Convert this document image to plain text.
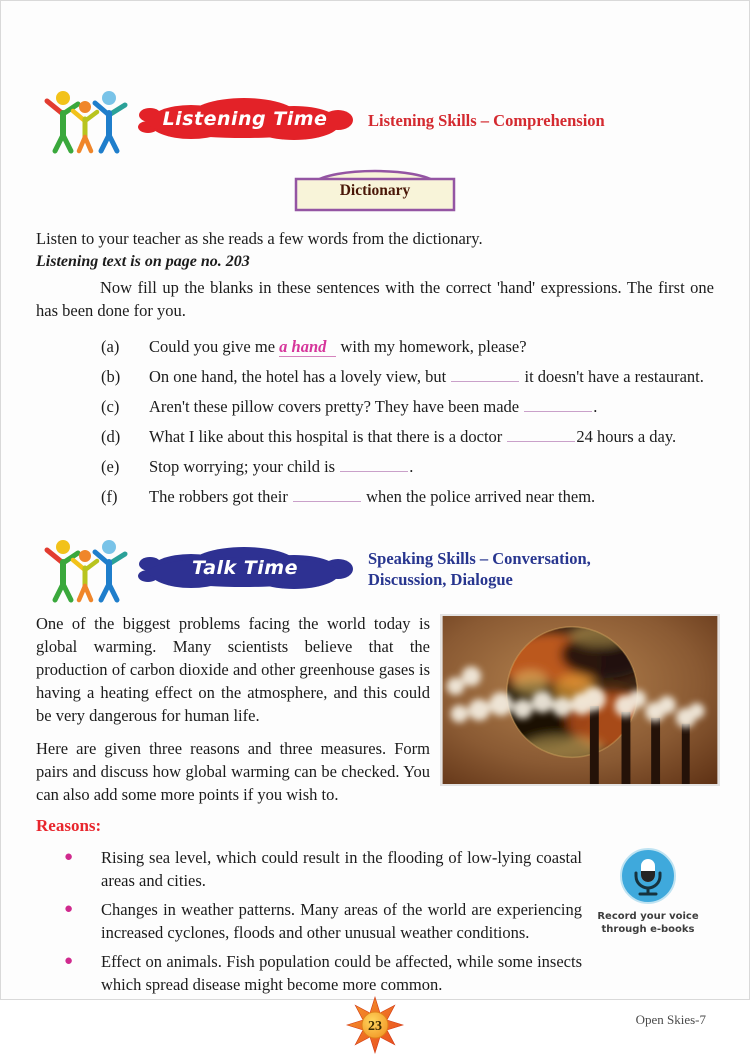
Listening Time	Listening Skills – Comprehension
Dictionary

Listen to your teacher as she reads a few words from the dictionary.

Listening text is on page no. 203

Now fill up the blanks in these sentences with the correct 'hand' expressions. The first one has been done for you.

(a)	Could you give me a hand with my homework, please?
(b)	On one hand, the hotel has a lovely view, but	it doesn't have a restaurant.
(c)	Aren't these pillow covers pretty? They have been made	.
(d)	What I like about this hospital is that there is a doctor	24 hours a day.
(e)	Stop worrying; your child is	.
(f)	The robbers got their	when the police arrived near them.
Talk Time	Speaking Skills – Conversation, Discussion, Dialogue

One of the biggest problems facing the world today is global warming. Many scientists believe that the production of carbon dioxide and other greenhouse gases is having a heating effect on the atmosphere, and this could be very dangerous for human life.

Here are given three reasons and three measures. Form pairs and discuss how global warming can be checked. You can also add some more points if you wish to.

Reasons:
●	Rising sea level, which could result in the flooding of low-lying coastal areas and cities.
●	Changes in weather patterns. Many areas of the world are experiencing increased cyclones, floods and other unusual weather conditions.
●	Effect on animals. Fish population could be affected, while some insects which spread disease might become more common.
Record your voice through e-books
23	Open Skies-7
